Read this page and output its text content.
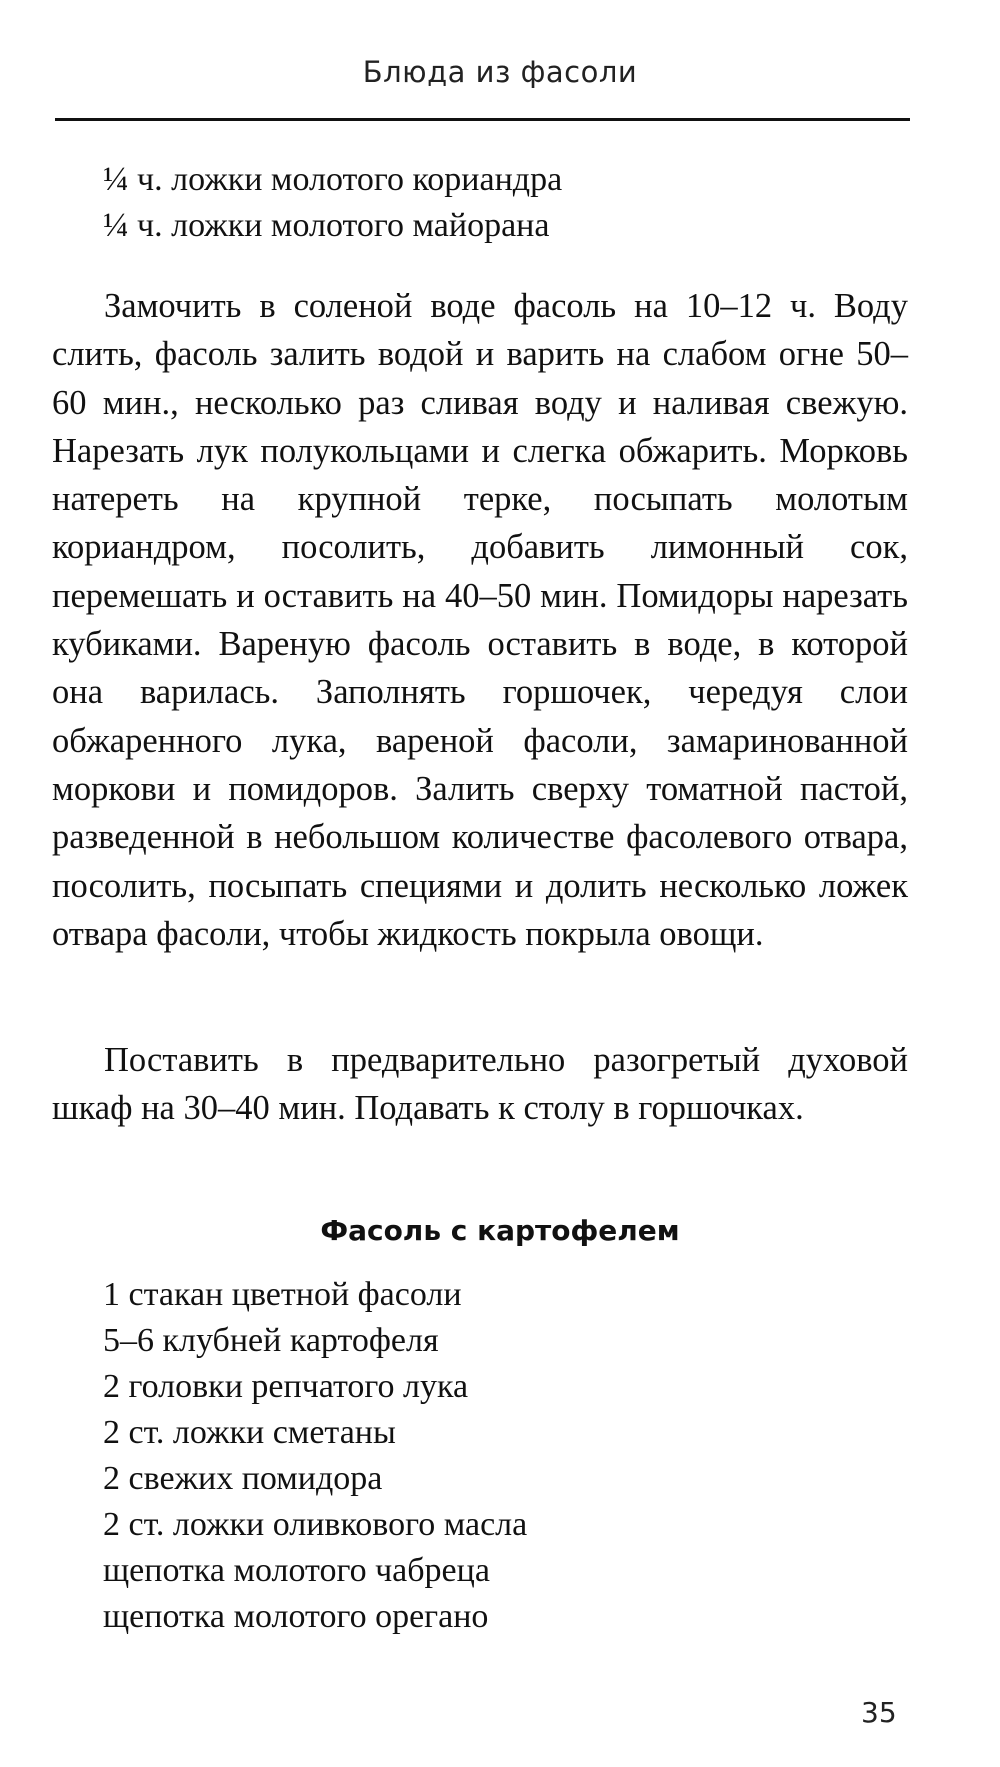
Блюда из фасоли
¼ ч. ложки молотого кориандра
¼ ч. ложки молотого майорана

Замочить в соленой воде фасоль на 10–12 ч. Воду слить, фасоль залить водой и варить на слабом огне 50–60 мин., несколько раз сливая воду и наливая свежую. Нарезать лук полукольцами и слегка обжарить. Морковь натереть на крупной терке, посыпать молотым кориандром, посолить, добавить лимонный сок, перемешать и оставить на 40–50 мин. Помидоры нарезать кубиками. Вареную фасоль оставить в воде, в которой она варилась. Заполнять горшочек, чередуя слои обжаренного лука, вареной фасоли, замаринованной моркови и помидоров. Залить сверху томатной пастой, разведенной в небольшом количестве фасолевого отвара, посолить, посыпать специями и долить несколько ложек отвара фасоли, чтобы жидкость покрыла овощи.

Поставить в предварительно разогретый духовой шкаф на 30–40 мин. Подавать к столу в горшочках.

Фасоль с картофелем
1 стакан цветной фасоли
5–6 клубней картофеля
2 головки репчатого лука
2 ст. ложки сметаны
2 свежих помидора
2 ст. ложки оливкового масла
щепотка молотого чабреца
щепотка молотого орегано
35
